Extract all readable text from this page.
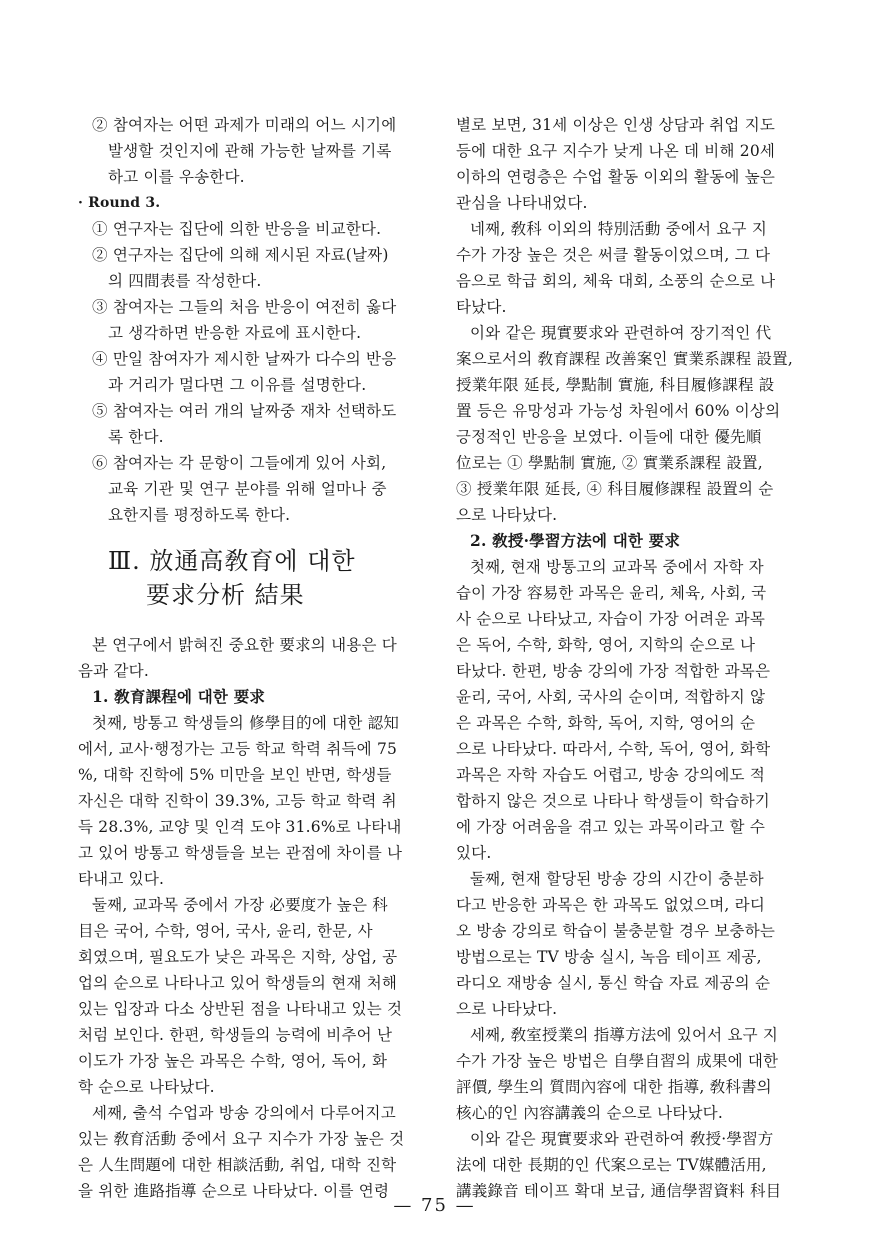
② 참여자는 어떤 과제가 미래의 어느 시기에
발생할 것인지에 관해 가능한 날짜를 기록
하고 이를 우송한다.
· Round 3.
① 연구자는 집단에 의한 반응을 비교한다.
② 연구자는 집단에 의해 제시된 자료(날짜)
의 四間表를 작성한다.
③ 참여자는 그들의 처음 반응이 여전히 옳다
고 생각하면 반응한 자료에 표시한다.
④ 만일 참여자가 제시한 날짜가 다수의 반응
과 거리가 멀다면 그 이유를 설명한다.
⑤ 참여자는 여러 개의 날짜중 재차 선택하도
록 한다.
⑥ 참여자는 각 문항이 그들에게 있어 사회,
교육 기관 및 연구 분야를 위해 얼마나 중
요한지를 평정하도록 한다.
Ⅲ. 放通高敎育에 대한
要求分析 結果
본 연구에서 밝혀진 중요한 要求의 내용은 다
음과 같다.
1. 敎育課程에 대한 要求
첫째, 방통고 학생들의 修學目的에 대한 認知
에서, 교사·행정가는 고등 학교 학력 취득에 75
%, 대학 진학에 5% 미만을 보인 반면, 학생들
자신은 대학 진학이 39.3%, 고등 학교 학력 취
득 28.3%, 교양 및 인격 도야 31.6%로 나타내
고 있어 방통고 학생들을 보는 관점에 차이를 나
타내고 있다.
둘째, 교과목 중에서 가장 必要度가 높은 科
目은 국어, 수학, 영어, 국사, 윤리, 한문, 사
회였으며, 필요도가 낮은 과목은 지학, 상업, 공
업의 순으로 나타나고 있어 학생들의 현재 처해
있는 입장과 다소 상반된 점을 나타내고 있는 것
처럼 보인다. 한편, 학생들의 능력에 비추어 난
이도가 가장 높은 과목은 수학, 영어, 독어, 화
학 순으로 나타났다.
세째, 출석 수업과 방송 강의에서 다루어지고
있는 敎育活動 중에서 요구 지수가 가장 높은 것
은 人生問題에 대한 相談活動, 취업, 대학 진학
을 위한 進路指導 순으로 나타났다. 이를 연령
별로 보면, 31세 이상은 인생 상담과 취업 지도
등에 대한 요구 지수가 낮게 나온 데 비해 20세
이하의 연령층은 수업 활동 이외의 활동에 높은
관심을 나타내었다.
네째, 敎科 이외의 特別活動 중에서 요구 지
수가 가장 높은 것은 써클 활동이었으며, 그 다
음으로 학급 회의, 체육 대회, 소풍의 순으로 나
타났다.
이와 같은 現實要求와 관련하여 장기적인 代
案으로서의 敎育課程 改善案인 實業系課程 設置,
授業年限 延長, 學點制 實施, 科目履修課程 設
置 등은 유망성과 가능성 차원에서 60% 이상의
긍정적인 반응을 보였다. 이들에 대한 優先順
位로는 ① 學點制 實施, ② 實業系課程 設置,
③ 授業年限 延長, ④ 科目履修課程 設置의 순
으로 나타났다.
2. 敎授·學習方法에 대한 要求
첫째, 현재 방통고의 교과목 중에서 자학 자
습이 가장 容易한 과목은 윤리, 체육, 사회, 국
사 순으로 나타났고, 자습이 가장 어려운 과목
은 독어, 수학, 화학, 영어, 지학의 순으로 나
타났다. 한편, 방송 강의에 가장 적합한 과목은
윤리, 국어, 사회, 국사의 순이며, 적합하지 않
은 과목은 수학, 화학, 독어, 지학, 영어의 순
으로 나타났다. 따라서, 수학, 독어, 영어, 화학
과목은 자학 자습도 어렵고, 방송 강의에도 적
합하지 않은 것으로 나타나 학생들이 학습하기
에 가장 어려움을 겪고 있는 과목이라고 할 수
있다.
둘째, 현재 할당된 방송 강의 시간이 충분하
다고 반응한 과목은 한 과목도 없었으며, 라디
오 방송 강의로 학습이 불충분할 경우 보충하는
방법으로는 TV 방송 실시, 녹음 테이프 제공,
라디오 재방송 실시, 통신 학습 자료 제공의 순
으로 나타났다.
세째, 敎室授業의 指導方法에 있어서 요구 지
수가 가장 높은 방법은 自學自習의 成果에 대한
評價, 學生의 質問內容에 대한 指導, 敎科書의
核心的인 內容講義의 순으로 나타났다.
이와 같은 現實要求와 관련하여 敎授·學習方
法에 대한 長期的인 代案으로는 TV媒體活用,
講義錄音 테이프 확대 보급, 通信學習資料 科目
— 75 —
